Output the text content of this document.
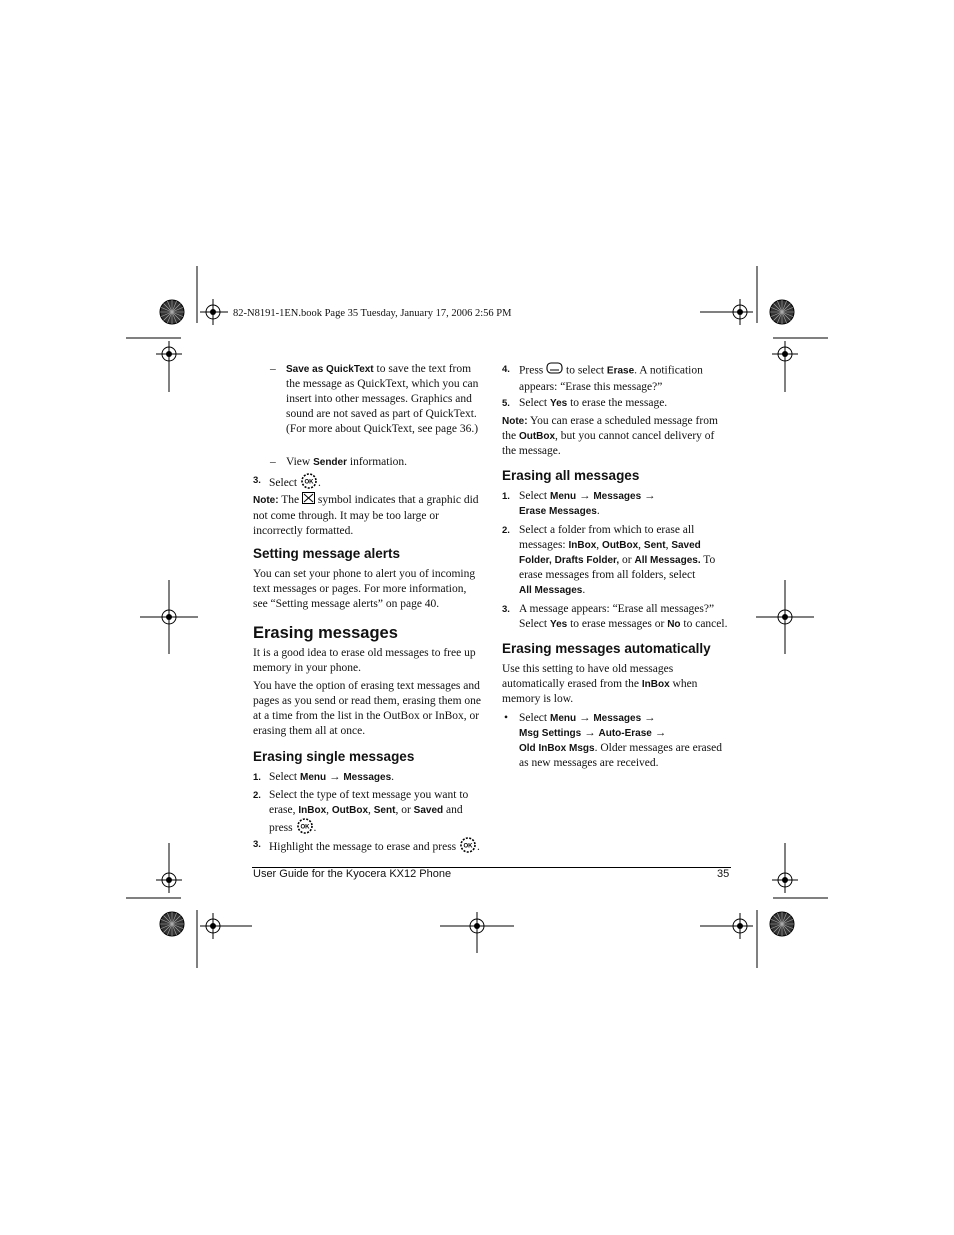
82-N8191-1EN.book Page 35 Tuesday, January 17, 2006 2:56 PM
–	Save as QuickText to save the text from the message as QuickText, which you can insert into other messages. Graphics and sound are not saved as part of QuickText.(For more about QuickText, see page 36.)
– View Sender information.
3. Select OK .
Note: The symbol indicates that a graphic did not come through. It may be too large or incorrectly formatted.
Setting message alerts
You can set your phone to alert you of incoming text messages or pages. For more information, see “Setting message alerts” on page 40.
Erasing messages
It is a good idea to erase old messages to free up memory in your phone.
You have the option of erasing text messages and pages as you send or read them, erasing them one at a time from the list in the OutBox or InBox, or erasing them all at once.
Erasing single messages
1. Select Menu → Messages.
2. Select the type of text message you want to erase, InBox, OutBox, Sent, or Saved and press OK .
3. Highlight the message to erase and press OK .
4. Press to select Erase. A notification appears: “Erase this message?”
5. Select Yes to erase the message.
Note: You can erase a scheduled message from the OutBox, but you cannot cancel delivery of the message.
Erasing all messages
1. Select Menu → Messages →
Erase Messages.
2. Select a folder from which to erase all messages: InBox, OutBox, Sent, Saved Folder, Drafts Folder, or All Messages. To erase messages from all folders, select
All Messages.
3. A message appears: “Erase all messages?” Select Yes to erase messages or No to cancel.
Erasing messages automatically
Use this setting to have old messages automatically erased from the InBox when memory is low.
• Select Menu → Messages →
Msg Settings → Auto-Erase →
Old InBox Msgs. Older messages are erased as new messages are received.
User Guide for the Kyocera KX12 Phone	35
